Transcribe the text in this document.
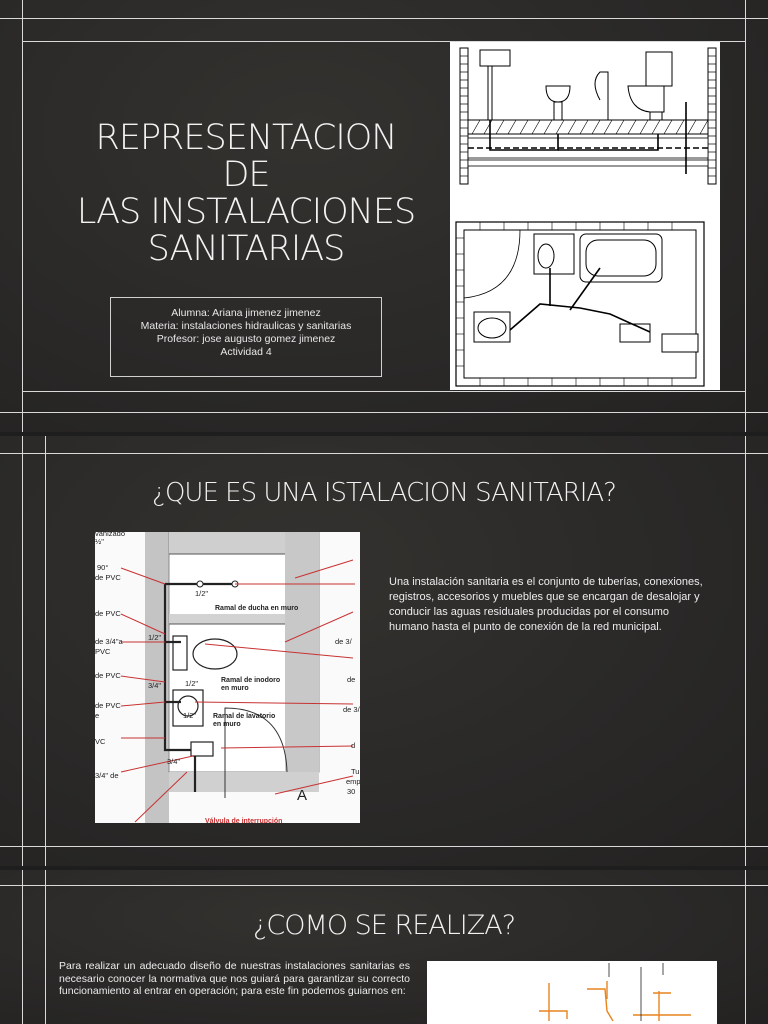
REPRESENTACION DE
LAS INSTALACIONES
SANITARIAS
Alumna: Ariana jimenez jimenez
Materia: instalaciones hidraulicas y sanitarias
Profesor: jose augusto gomez jimenez
Actividad 4
¿QUE ES UNA ISTALACION SANITARIA?
vanizado
½"
90°
de PVC
de PVC
de 3/4"a
PVC
de PVC
de PVC
e
VC
3/4" de
1/2"
1/2"
1/2"
1/2"
3/4"
3/4"
de 3/
de
de 3/
d
Tu
emp
30
Ramal de ducha en muro
Ramal de inodoro
en muro
Ramal de lavatorio
en muro
A
Válvula de interrupción
Una instalación sanitaria es el conjunto de tuberías, conexiones, registros, accesorios y muebles que se encargan de desalojar y conducir las aguas residuales producidas por el consumo humano hasta el punto de conexión de la red municipal.
¿COMO SE REALIZA?
Para realizar un adecuado diseño de nuestras instalaciones sanitarias es necesario conocer la normativa que nos guiará para garantizar su correcto funcionamiento al entrar en operación; para este fin podemos guiarnos en:
